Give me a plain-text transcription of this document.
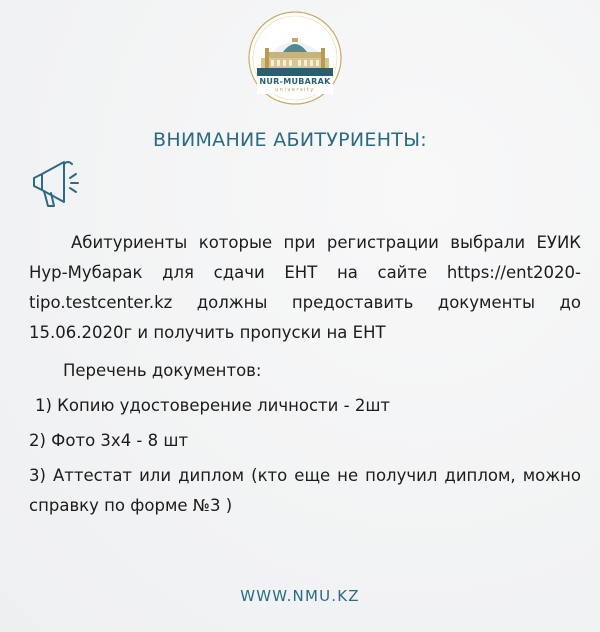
NUR-MUBARAK
university
ВНИМАНИЕ АБИТУРИЕНТЫ:

Абитуриенты которые при регистрации выбрали ЕУИК Нур-Мубарак для сдачи ЕНТ на сайте https://ent2020-tipo.testcenter.kz должны предоставить документы до 15.06.2020г и получить пропуски на ЕНТ

Перечень документов:

1) Копию удостоверение личности - 2шт

2) Фото 3х4 - 8 шт

3) Аттестат или диплом (кто еще не получил диплом, можно справку по форме №3 )

WWW.NMU.KZ
